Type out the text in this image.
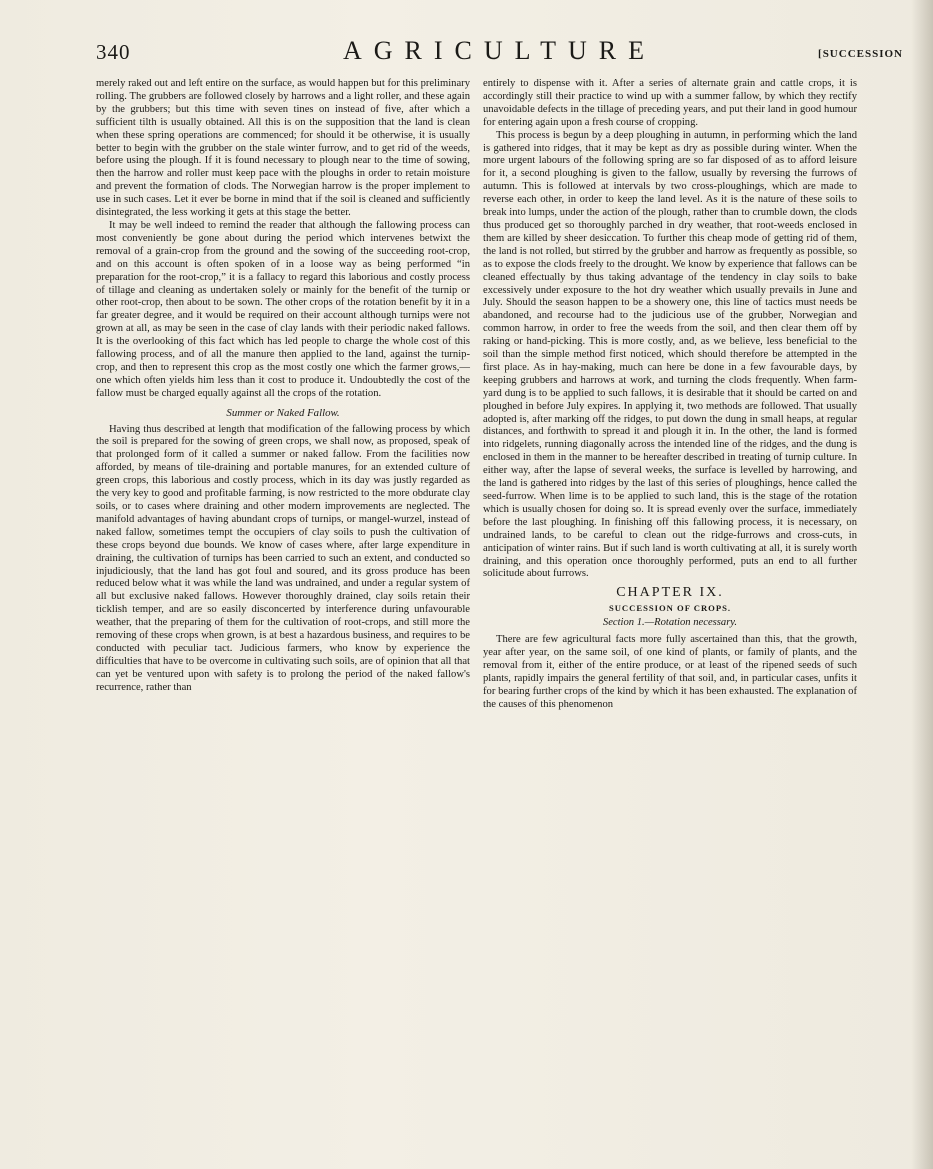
340	AGRICULTURE	[SUCCESSION

merely raked out and left entire on the surface, as would happen but for this preliminary rolling. The grubbers are followed closely by harrows and a light roller, and these again by the grubbers; but this time with seven tines on instead of five, after which a sufficient tilth is usually obtained. All this is on the supposition that the land is clean when these spring operations are commenced; for should it be otherwise, it is usually better to begin with the grubber on the stale winter furrow, and to get rid of the weeds, before using the plough. If it is found necessary to plough near to the time of sowing, then the harrow and roller must keep pace with the ploughs in order to retain moisture and prevent the formation of clods. The Norwegian harrow is the proper implement to use in such cases. Let it ever be borne in mind that if the soil is cleaned and sufficiently disintegrated, the less working it gets at this stage the better.

It may be well indeed to remind the reader that although the fallowing process can most conveniently be gone about during the period which intervenes betwixt the removal of a grain-crop from the ground and the sowing of the succeeding root-crop, and on this account is often spoken of in a loose way as being performed “in preparation for the root-crop,” it is a fallacy to regard this laborious and costly process of tillage and cleaning as undertaken solely or mainly for the benefit of the turnip or other root-crop, then about to be sown. The other crops of the rotation benefit by it in a far greater degree, and it would be required on their account although turnips were not grown at all, as may be seen in the case of clay lands with their periodic naked fallows. It is the overlooking of this fact which has led people to charge the whole cost of this fallowing process, and of all the manure then applied to the land, against the turnip-crop, and then to represent this crop as the most costly one which the farmer grows,—one which often yields him less than it cost to produce it. Undoubtedly the cost of the fallow must be charged equally against all the crops of the rotation.

Summer or Naked Fallow.

Having thus described at length that modification of the fallowing process by which the soil is prepared for the sowing of green crops, we shall now, as proposed, speak of that prolonged form of it called a summer or naked fallow. From the facilities now afforded, by means of tile-draining and portable manures, for an extended culture of green crops, this laborious and costly process, which in its day was justly regarded as the very key to good and profitable farming, is now restricted to the more obdurate clay soils, or to cases where draining and other modern improvements are neglected. The manifold advantages of having abundant crops of turnips, or mangel-wurzel, instead of naked fallow, sometimes tempt the occupiers of clay soils to push the cultivation of these crops beyond due bounds. We know of cases where, after large expenditure in draining, the cultivation of turnips has been carried to such an extent, and conducted so injudiciously, that the land has got foul and soured, and its gross produce has been reduced below what it was while the land was undrained, and under a regular system of all but exclusive naked fallows. However thoroughly drained, clay soils retain their ticklish temper, and are so easily disconcerted by interference during unfavourable weather, that the preparing of them for the cultivation of root-crops, and still more the removing of these crops when grown, is at best a hazardous business, and requires to be conducted with peculiar tact. Judicious farmers, who know by experience the difficulties that have to be overcome in cultivating such soils, are of opinion that all that can yet be ventured upon with safety is to prolong the period of the naked fallow's recurrence, rather than

entirely to dispense with it. After a series of alternate grain and cattle crops, it is accordingly still their practice to wind up with a summer fallow, by which they rectify unavoidable defects in the tillage of preceding years, and put their land in good humour for entering again upon a fresh course of cropping.

This process is begun by a deep ploughing in autumn, in performing which the land is gathered into ridges, that it may be kept as dry as possible during winter. When the more urgent labours of the following spring are so far disposed of as to afford leisure for it, a second ploughing is given to the fallow, usually by reversing the furrows of autumn. This is followed at intervals by two cross-ploughings, which are made to reverse each other, in order to keep the land level. As it is the nature of these soils to break into lumps, under the action of the plough, rather than to crumble down, the clods thus produced get so thoroughly parched in dry weather, that root-weeds enclosed in them are killed by sheer desiccation. To further this cheap mode of getting rid of them, the land is not rolled, but stirred by the grubber and harrow as frequently as possible, so as to expose the clods freely to the drought. We know by experience that fallows can be cleaned effectually by thus taking advantage of the tendency in clay soils to bake excessively under exposure to the hot dry weather which usually prevails in June and July. Should the season happen to be a showery one, this line of tactics must needs be abandoned, and recourse had to the judicious use of the grubber, Norwegian and common harrow, in order to free the weeds from the soil, and then clear them off by raking or hand-picking. This is more costly, and, as we believe, less beneficial to the soil than the simple method first noticed, which should therefore be attempted in the first place. As in hay-making, much can here be done in a few favourable days, by keeping grubbers and harrows at work, and turning the clods frequently. When farm-yard dung is to be applied to such fallows, it is desirable that it should be carted on and ploughed in before July expires. In applying it, two methods are followed. That usually adopted is, after marking off the ridges, to put down the dung in small heaps, at regular distances, and forthwith to spread it and plough it in. In the other, the land is formed into ridgelets, running diagonally across the intended line of the ridges, and the dung is enclosed in them in the manner to be hereafter described in treating of turnip culture. In either way, after the lapse of several weeks, the surface is levelled by harrowing, and the land is gathered into ridges by the last of this series of ploughings, hence called the seed-furrow. When lime is to be applied to such land, this is the stage of the rotation which is usually chosen for doing so. It is spread evenly over the surface, immediately before the last ploughing. In finishing off this fallowing process, it is necessary, on undrained lands, to be careful to clean out the ridge-furrows and cross-cuts, in anticipation of winter rains. But if such land is worth cultivating at all, it is surely worth draining, and this operation once thoroughly performed, puts an end to all further solicitude about furrows.

CHAPTER IX.
SUCCESSION OF CROPS.
Section 1.—Rotation necessary.

There are few agricultural facts more fully ascertained than this, that the growth, year after year, on the same soil, of one kind of plants, or family of plants, and the removal from it, either of the entire produce, or at least of the ripened seeds of such plants, rapidly impairs the general fertility of that soil, and, in particular cases, unfits it for bearing further crops of the kind by which it has been exhausted. The explanation of the causes of this phenomenon
